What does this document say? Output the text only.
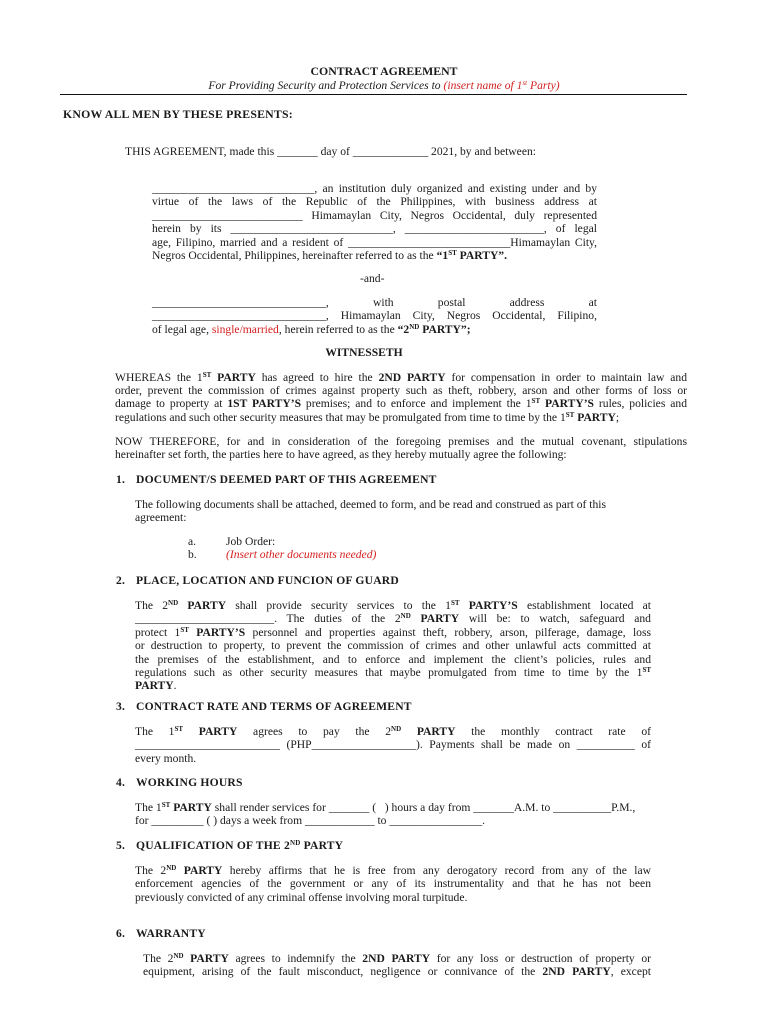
CONTRACT AGREEMENT
For Providing Security and Protection Services to (insert name of 1st Party)
KNOW ALL MEN BY THESE PRESENTS:
THIS AGREEMENT, made this _______ day of _____________ 2021, by and between:
____________________________, an institution duly organized and existing under and by
virtue of the laws of the Republic of the Philippines, with business address at
__________________________ Himamaylan City, Negros Occidental, duly represented
herein by its ____________________________, ________________________, of legal
age, Filipino, married and a resident of ____________________________Himamaylan City,
Negros Occidental, Philippines, hereinafter referred to as the “1ST PARTY”.
-and-
______________________________,	with	postal	address	at
______________________________, Himamaylan City, Negros Occidental, Filipino,
of legal age, single/married, herein referred to as the “2ND PARTY”;
WITNESSETH
WHEREAS the 1ST PARTY has agreed to hire the 2ND PARTY for compensation in order to maintain law and
order, prevent the commission of crimes against property such as theft, robbery, arson and other forms of loss or
damage to property at 1ST PARTY’S premises; and to enforce and implement the 1ST PARTY’S rules, policies and
regulations and such other security measures that may be promulgated from time to time by the 1ST PARTY;
NOW THEREFORE, for and in consideration of the foregoing premises and the mutual covenant, stipulations
hereinafter set forth, the parties here to have agreed, as they hereby mutually agree the following:
1. DOCUMENT/S DEEMED PART OF THIS AGREEMENT
The following documents shall be attached, deemed to form, and be read and construed as part of this
agreement:
a.	Job Order:
b.	(Insert other documents needed)
2. PLACE, LOCATION AND FUNCION OF GUARD
The 2ND PARTY shall provide security services to the 1ST PARTY’S establishment located at
________________________. The duties of the 2ND PARTY will be: to watch, safeguard and
protect 1ST PARTY’S personnel and properties against theft, robbery, arson, pilferage, damage, loss
or destruction to property, to prevent the commission of crimes and other unlawful acts committed at
the premises of the establishment, and to enforce and implement the client’s policies, rules and
regulations such as other security measures that maybe promulgated from time to time by the 1ST
PARTY.
3. CONTRACT RATE AND TERMS OF AGREEMENT
The 1ST PARTY agrees to pay the 2ND PARTY the monthly contract rate of
_________________________ (PHP__________________). Payments shall be made on __________ of
every month.
4. WORKING HOURS
The 1ST PARTY shall render services for _______ (   ) hours a day from _______A.M. to __________P.M.,
for _________ ( ) days a week from ____________ to ________________.
5. QUALIFICATION OF THE 2ND PARTY
The 2ND PARTY hereby affirms that he is free from any derogatory record from any of the law
enforcement agencies of the government or any of its instrumentality and that he has not been
previously convicted of any criminal offense involving moral turpitude.
6. WARRANTY
The 2ND PARTY agrees to indemnify the 2ND PARTY for any loss or destruction of property or
equipment, arising of the fault misconduct, negligence or connivance of the 2ND PARTY, except
